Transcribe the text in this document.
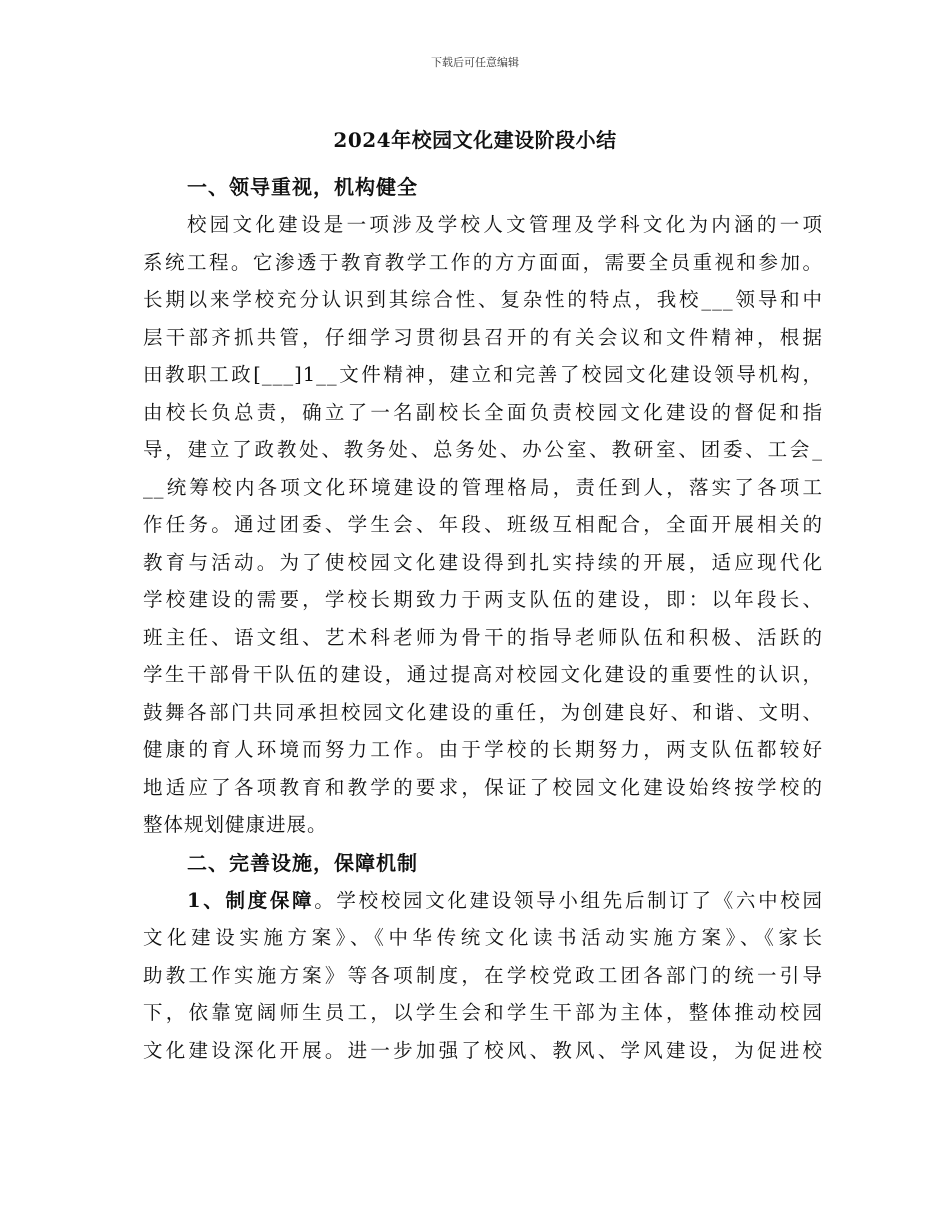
下载后可任意编辑
2024年校园文化建设阶段小结
一、领导重视，机构健全
校园文化建设是一项涉及学校人文管理及学科文化为内涵的一项
系统工程。它渗透于教育教学工作的方方面面，需要全员重视和参加。
长期以来学校充分认识到其综合性、复杂性的特点，我校___领导和中
层干部齐抓共管，仔细学习贯彻县召开的有关会议和文件精神，根据
田教职工政[___]1__文件精神，建立和完善了校园文化建设领导机构，
由校长负总责，确立了一名副校长全面负责校园文化建设的督促和指
导，建立了政教处、教务处、总务处、办公室、教研室、团委、工会_
__统筹校内各项文化环境建设的管理格局，责任到人，落实了各项工
作任务。通过团委、学生会、年段、班级互相配合，全面开展相关的
教育与活动。为了使校园文化建设得到扎实持续的开展，适应现代化
学校建设的需要，学校长期致力于两支队伍的建设，即：以年段长、
班主任、语文组、艺术科老师为骨干的指导老师队伍和积极、活跃的
学生干部骨干队伍的建设，通过提高对校园文化建设的重要性的认识，
鼓舞各部门共同承担校园文化建设的重任，为创建良好、和谐、文明、
健康的育人环境而努力工作。由于学校的长期努力，两支队伍都较好
地适应了各项教育和教学的要求，保证了校园文化建设始终按学校的
整体规划健康进展。
二、完善设施，保障机制
1、制度保障。学校校园文化建设领导小组先后制订了《六中校园
文化建设实施方案》、《中华传统文化读书活动实施方案》、《家长
助教工作实施方案》等各项制度，在学校党政工团各部门的统一引导
下，依靠宽阔师生员工，以学生会和学生干部为主体，整体推动校园
文化建设深化开展。进一步加强了校风、教风、学风建设，为促进校
